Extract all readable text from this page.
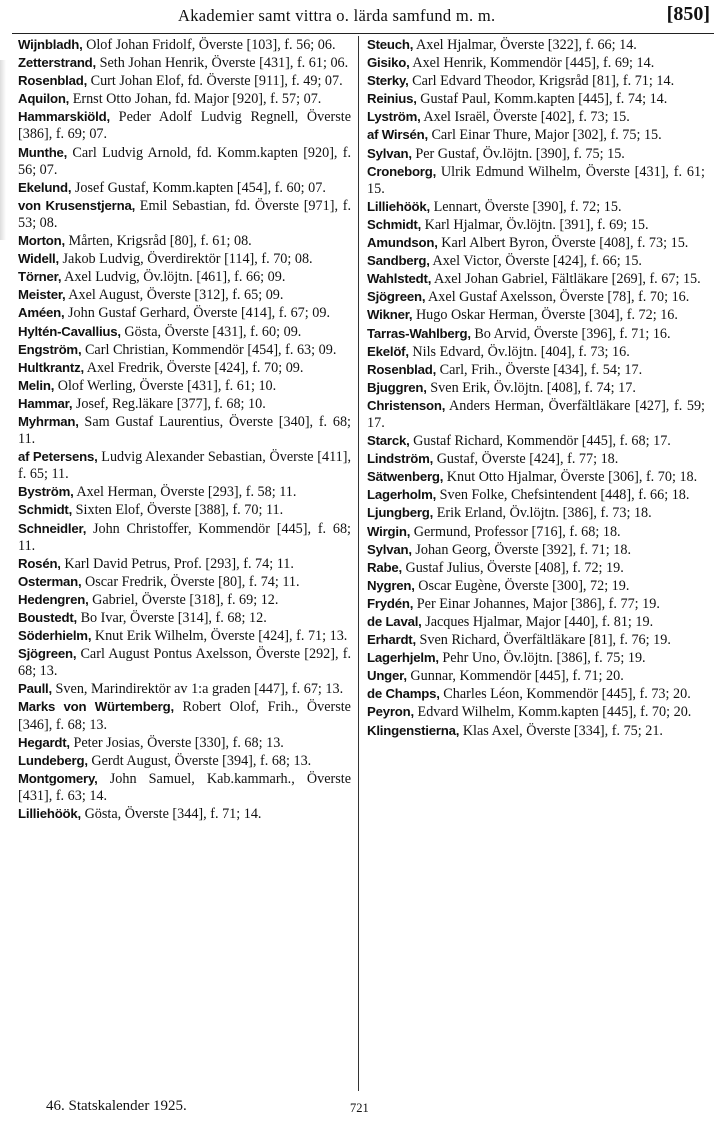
Akademier samt vittra o. lärda samfund m. m.	[850]
Wijnbladh, Olof Johan Fridolf, Överste [103], f. 56; 06.
Zetterstrand, Seth Johan Henrik, Överste [431], f. 61; 06.
Rosenblad, Curt Johan Elof, fd. Överste [911], f. 49; 07.
Aquilon, Ernst Otto Johan, fd. Major [920], f. 57; 07.
Hammarskiöld, Peder Adolf Ludvig Regnell, Överste [386], f. 69; 07.
Munthe, Carl Ludvig Arnold, fd. Komm.kapten [920], f. 56; 07.
Ekelund, Josef Gustaf, Komm.kapten [454], f. 60; 07.
von Krusenstjerna, Emil Sebastian, fd. Överste [971], f. 53; 08.
Morton, Mårten, Krigsråd [80], f. 61; 08.
Widell, Jakob Ludvig, Överdirektör [114], f. 70; 08.
Törner, Axel Ludvig, Öv.löjtn. [461], f. 66; 09.
Meister, Axel August, Överste [312], f. 65; 09.
Améen, John Gustaf Gerhard, Överste [414], f. 67; 09.
Hyltén-Cavallius, Gösta, Överste [431], f. 60; 09.
Engström, Carl Christian, Kommendör [454], f. 63; 09.
Hultkrantz, Axel Fredrik, Överste [424], f. 70; 09.
Melin, Olof Werling, Överste [431], f. 61; 10.
Hammar, Josef, Reg.läkare [377], f. 68; 10.
Myhrman, Sam Gustaf Laurentius, Överste [340], f. 68; 11.
af Petersens, Ludvig Alexander Sebastian, Överste [411], f. 65; 11.
Byström, Axel Herman, Överste [293], f. 58; 11.
Schmidt, Sixten Elof, Överste [388], f. 70; 11.
Schneidler, John Christoffer, Kommendör [445], f. 68; 11.
Rosén, Karl David Petrus, Prof. [293], f. 74; 11.
Osterman, Oscar Fredrik, Överste [80], f. 74; 11.
Hedengren, Gabriel, Överste [318], f. 69; 12.
Boustedt, Bo Ivar, Överste [314], f. 68; 12.
Söderhielm, Knut Erik Wilhelm, Överste [424], f. 71; 13.
Sjögreen, Carl August Pontus Axelsson, Överste [292], f. 68; 13.
Paull, Sven, Marindirektör av 1:a graden [447], f. 67; 13.
Marks von Würtemberg, Robert Olof, Frih., Överste [346], f. 68; 13.
Hegardt, Peter Josias, Överste [330], f. 68; 13.
Lundeberg, Gerdt August, Överste [394], f. 68; 13.
Montgomery, John Samuel, Kab.kammarh., Överste [431], f. 63; 14.
Lilliehöök, Gösta, Överste [344], f. 71; 14.
Steuch, Axel Hjalmar, Överste [322], f. 66; 14.
Gisiko, Axel Henrik, Kommendör [445], f. 69; 14.
Sterky, Carl Edvard Theodor, Krigsråd [81], f. 71; 14.
Reinius, Gustaf Paul, Komm.kapten [445], f. 74; 14.
Lyström, Axel Israël, Överste [402], f. 73; 15.
af Wirsén, Carl Einar Thure, Major [302], f. 75; 15.
Sylvan, Per Gustaf, Öv.löjtn. [390], f. 75; 15.
Croneborg, Ulrik Edmund Wilhelm, Överste [431], f. 61; 15.
Lilliehöök, Lennart, Överste [390], f. 72; 15.
Schmidt, Karl Hjalmar, Öv.löjtn. [391], f. 69; 15.
Amundson, Karl Albert Byron, Överste [408], f. 73; 15.
Sandberg, Axel Victor, Överste [424], f. 66; 15.
Wahlstedt, Axel Johan Gabriel, Fältläkare [269], f. 67; 15.
Sjögreen, Axel Gustaf Axelsson, Överste [78], f. 70; 16.
Wikner, Hugo Oskar Herman, Överste [304], f. 72; 16.
Tarras-Wahlberg, Bo Arvid, Överste [396], f. 71; 16.
Ekelöf, Nils Edvard, Öv.löjtn. [404], f. 73; 16.
Rosenblad, Carl, Frih., Överste [434], f. 54; 17.
Bjuggren, Sven Erik, Öv.löjtn. [408], f. 74; 17.
Christenson, Anders Herman, Överfältläkare [427], f. 59; 17.
Starck, Gustaf Richard, Kommendör [445], f. 68; 17.
Lindström, Gustaf, Överste [424], f. 77; 18.
Sätwenberg, Knut Otto Hjalmar, Överste [306], f. 70; 18.
Lagerholm, Sven Folke, Chefsintendent [448], f. 66; 18.
Ljungberg, Erik Erland, Öv.löjtn. [386], f. 73; 18.
Wirgin, Germund, Professor [716], f. 68; 18.
Sylvan, Johan Georg, Överste [392], f. 71; 18.
Rabe, Gustaf Julius, Överste [408], f. 72; 19.
Nygren, Oscar Eugène, Överste [300], 72; 19.
Frydén, Per Einar Johannes, Major [386], f. 77; 19.
de Laval, Jacques Hjalmar, Major [440], f. 81; 19.
Erhardt, Sven Richard, Överfältläkare [81], f. 76; 19.
Lagerhjelm, Pehr Uno, Öv.löjtn. [386], f. 75; 19.
Unger, Gunnar, Kommendör [445], f. 71; 20.
de Champs, Charles Léon, Kommendör [445], f. 73; 20.
Peyron, Edvard Wilhelm, Komm.kapten [445], f. 70; 20.
Klingenstierna, Klas Axel, Överste [334], f. 75; 21.
46. Statskalender 1925.	721
